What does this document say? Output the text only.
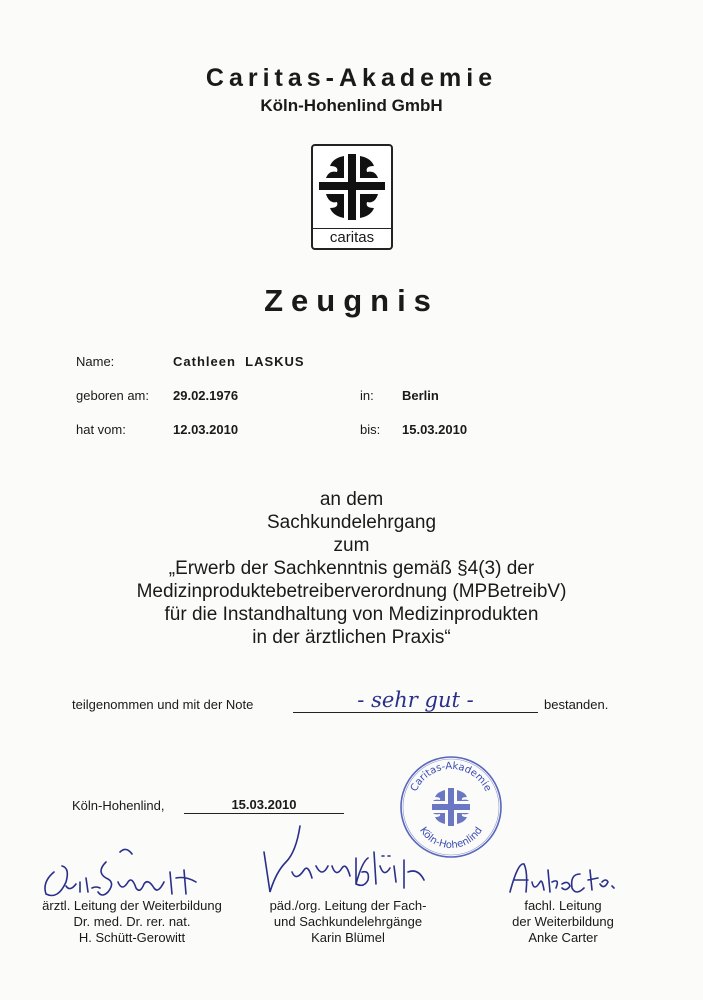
Caritas-Akademie
Köln-Hohenlind GmbH
caritas
Zeugnis
Name:	Cathleen  LASKUS
geboren am: 29.02.1976	in: Berlin
hat vom:	12.03.2010	bis: 15.03.2010
an dem
Sachkundelehrgang
zum
„Erwerb der Sachkenntnis gemäß §4(3) der
Medizinproduktebetreiberverordnung (MPBetreibV)
für die Instandhaltung von Medizinprodukten
in der ärztlichen Praxis“
teilgenommen und mit der Note	- sehr gut -	bestanden.
Köln-Hohenlind,	15.03.2010
Caritas-Akademie
Köln-Hohenlind
ärztl. Leitung der Weiterbildung
Dr. med. Dr. rer. nat.
H. Schütt-Gerowitt
päd./org. Leitung der Fach-
und Sachkundelehrgänge
Karin Blümel
fachl. Leitung
der Weiterbildung
Anke Carter
